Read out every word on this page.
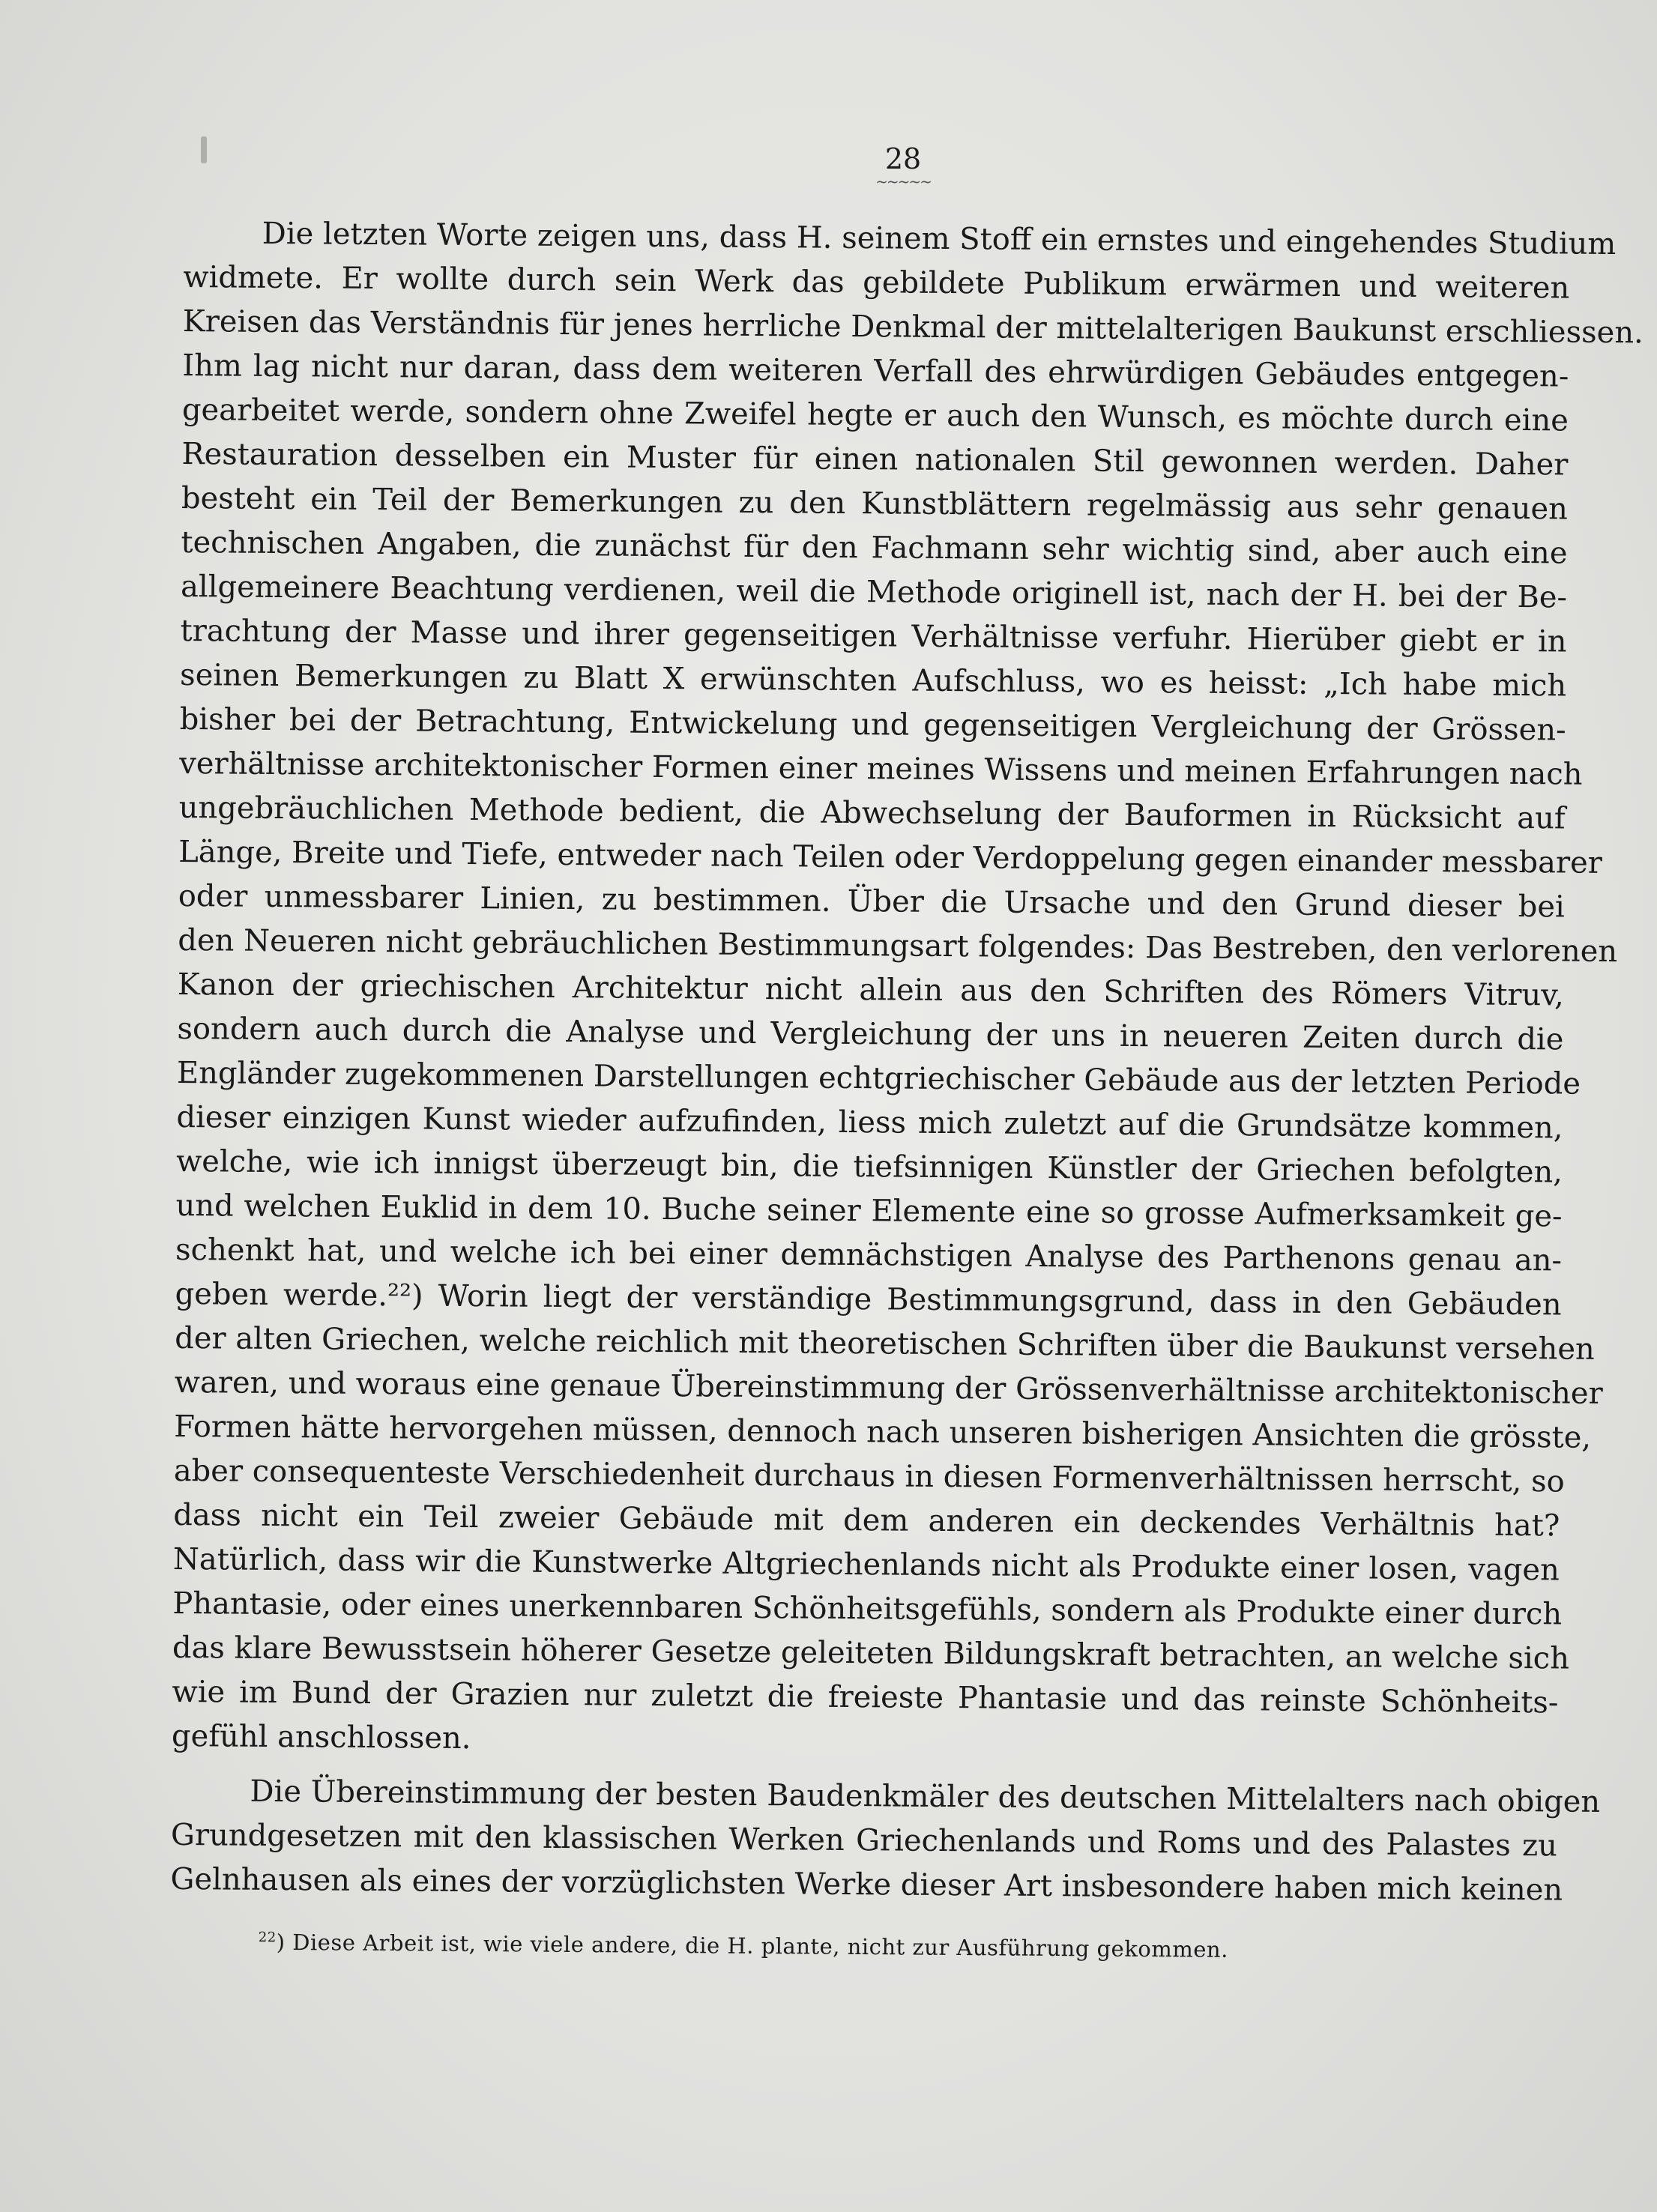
28
~~~~~
Die letzten Worte zeigen uns, dass H. seinem Stoff ein ernstes und eingehendes Studium
widmete. Er wollte durch sein Werk das gebildete Publikum erwärmen und weiteren
Kreisen das Verständnis für jenes herrliche Denkmal der mittelalterigen Baukunst erschliessen.
Ihm lag nicht nur daran, dass dem weiteren Verfall des ehrwürdigen Gebäudes entgegen-
gearbeitet werde, sondern ohne Zweifel hegte er auch den Wunsch, es möchte durch eine
Restauration desselben ein Muster für einen nationalen Stil gewonnen werden. Daher
besteht ein Teil der Bemerkungen zu den Kunstblättern regelmässig aus sehr genauen
technischen Angaben, die zunächst für den Fachmann sehr wichtig sind, aber auch eine
allgemeinere Beachtung verdienen, weil die Methode originell ist, nach der H. bei der Be-
trachtung der Masse und ihrer gegenseitigen Verhältnisse verfuhr. Hierüber giebt er in
seinen Bemerkungen zu Blatt X erwünschten Aufschluss, wo es heisst: „Ich habe mich
bisher bei der Betrachtung, Entwickelung und gegenseitigen Vergleichung der Grössen-
verhältnisse architektonischer Formen einer meines Wissens und meinen Erfahrungen nach
ungebräuchlichen Methode bedient, die Abwechselung der Bauformen in Rücksicht auf
Länge, Breite und Tiefe, entweder nach Teilen oder Verdoppelung gegen einander messbarer
oder unmessbarer Linien, zu bestimmen. Über die Ursache und den Grund dieser bei
den Neueren nicht gebräuchlichen Bestimmungsart folgendes: Das Bestreben, den verlorenen
Kanon der griechischen Architektur nicht allein aus den Schriften des Römers Vitruv,
sondern auch durch die Analyse und Vergleichung der uns in neueren Zeiten durch die
Engländer zugekommenen Darstellungen echtgriechischer Gebäude aus der letzten Periode
dieser einzigen Kunst wieder aufzufinden, liess mich zuletzt auf die Grundsätze kommen,
welche, wie ich innigst überzeugt bin, die tiefsinnigen Künstler der Griechen befolgten,
und welchen Euklid in dem 10. Buche seiner Elemente eine so grosse Aufmerksamkeit ge-
schenkt hat, und welche ich bei einer demnächstigen Analyse des Parthenons genau an-
geben werde.²²) Worin liegt der verständige Bestimmungsgrund, dass in den Gebäuden
der alten Griechen, welche reichlich mit theoretischen Schriften über die Baukunst versehen
waren, und woraus eine genaue Übereinstimmung der Grössenverhältnisse architektonischer
Formen hätte hervorgehen müssen, dennoch nach unseren bisherigen Ansichten die grösste,
aber consequenteste Verschiedenheit durchaus in diesen Formenverhältnissen herrscht, so
dass nicht ein Teil zweier Gebäude mit dem anderen ein deckendes Verhältnis hat?
Natürlich, dass wir die Kunstwerke Altgriechenlands nicht als Produkte einer losen, vagen
Phantasie, oder eines unerkennbaren Schönheitsgefühls, sondern als Produkte einer durch
das klare Bewusstsein höherer Gesetze geleiteten Bildungskraft betrachten, an welche sich
wie im Bund der Grazien nur zuletzt die freieste Phantasie und das reinste Schönheits-
gefühl anschlossen.
Die Übereinstimmung der besten Baudenkmäler des deutschen Mittelalters nach obigen
Grundgesetzen mit den klassischen Werken Griechenlands und Roms und des Palastes zu
Gelnhausen als eines der vorzüglichsten Werke dieser Art insbesondere haben mich keinen
$^{22}$) Diese Arbeit ist, wie viele andere, die H. plante, nicht zur Ausführung gekommen.
